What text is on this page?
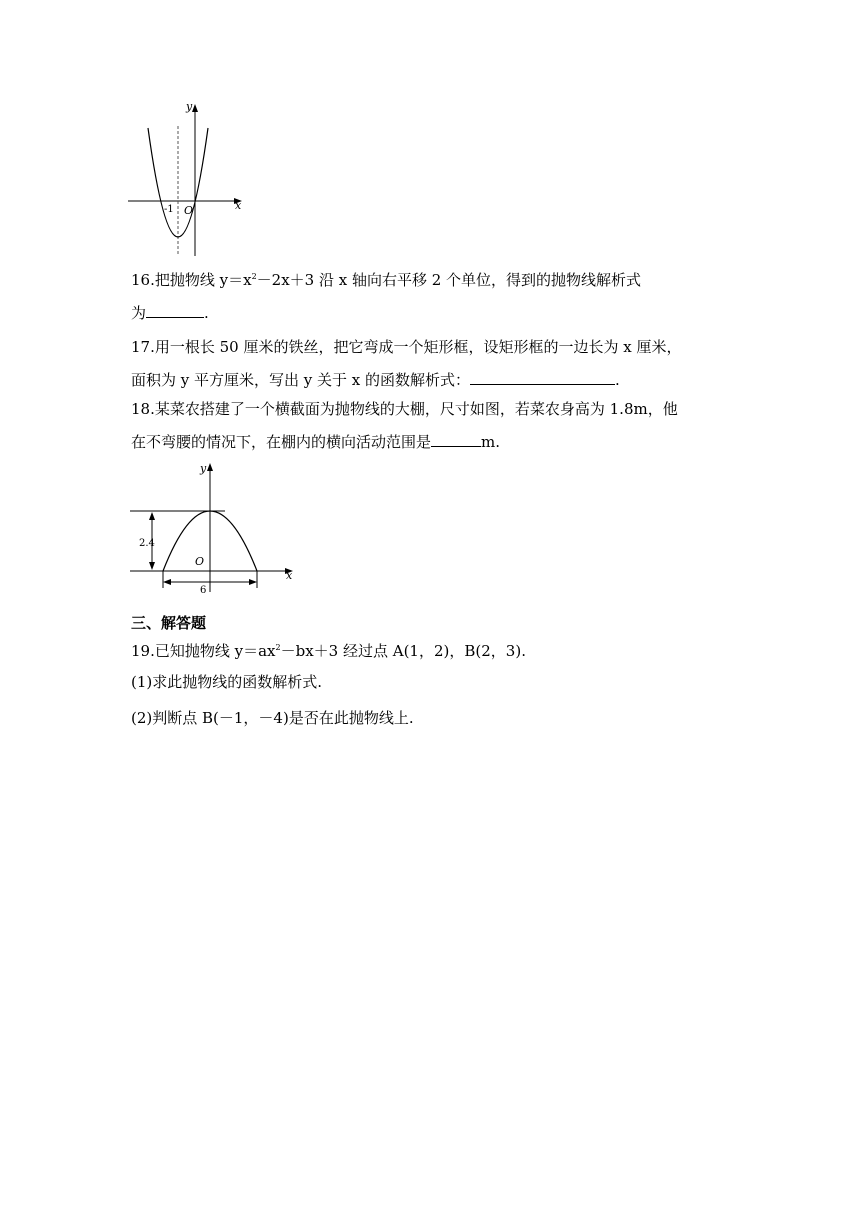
y
x
O
-1
16.把抛物线 $y=x^2-2x+3$ 沿 x 轴向右平移 2 个单位，得到的抛物线解析式
为	.
17.用一根长 50 厘米的铁丝，把它弯成一个矩形框，设矩形框的一边长为 x 厘米，
面积为 y 平方厘米，写出 y 关于 x 的函数解析式：	.
18.某菜农搭建了一个横截面为抛物线的大棚，尺寸如图，若菜农身高为 1.8m，他
在不弯腰的情况下，在棚内的横向活动范围是	m.
y
x
2.4
6
O
三、解答题
19.已知抛物线 $y=ax^2-bx+3$ 经过点 A(1，2)，B(2，3).
(1)求此抛物线的函数解析式.
(2)判断点 B(－1，－4)是否在此抛物线上.
